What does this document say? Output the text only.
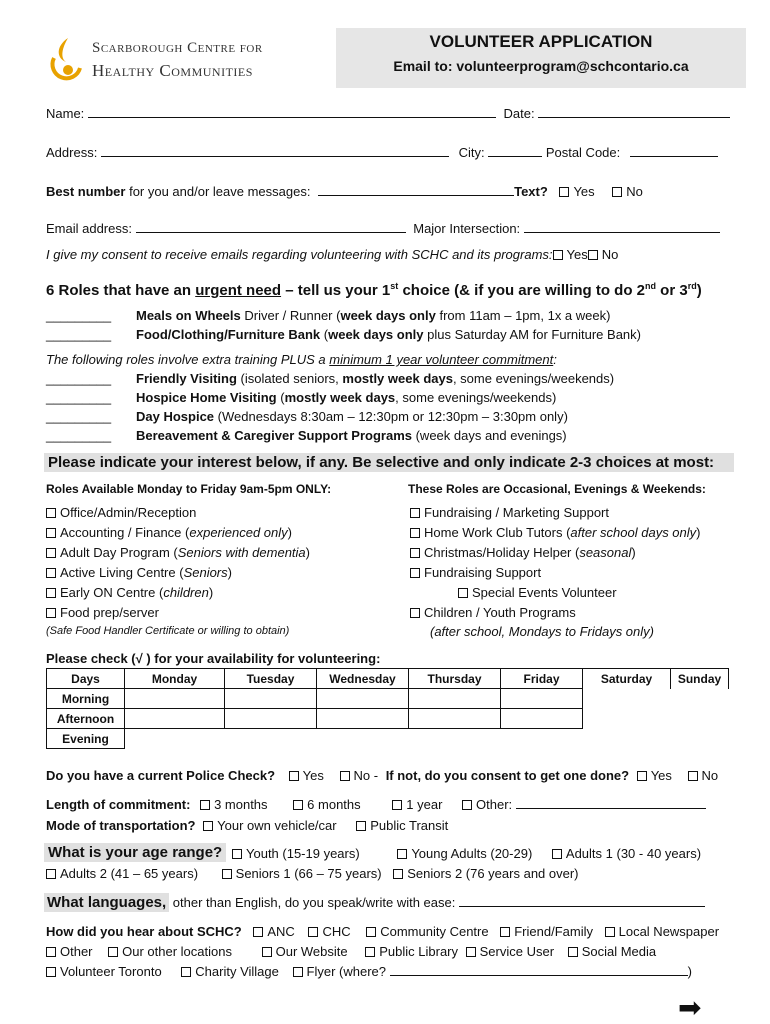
Scarborough Centre for
Healthy Communities
VOLUNTEER APPLICATION
Email to: volunteerprogram@schcontario.ca
Name:	Date:
Address:	City:	Postal Code:
Best number for you and/or leave messages:	Text? Yes No
Email address:	Major Intersection:
I give my consent to receive emails regarding volunteering with SCHC and its programs: Yes No
6 Roles that have an urgent need – tell us your 1st choice (& if you are willing to do 2nd or 3rd)
_________ Meals on Wheels Driver / Runner (week days only from 11am – 1pm, 1x a week)
_________ Food/Clothing/Furniture Bank (week days only plus Saturday AM for Furniture Bank)
The following roles involve extra training PLUS a minimum 1 year volunteer commitment:
_________ Friendly Visiting (isolated seniors, mostly week days, some evenings/weekends)
_________ Hospice Home Visiting (mostly week days, some evenings/weekends)
_________ Day Hospice (Wednesdays 8:30am – 12:30pm or 12:30pm – 3:30pm only)
_________ Bereavement & Caregiver Support Programs (week days and evenings)
Please indicate your interest below, if any. Be selective and only indicate 2-3 choices at most:
Roles Available Monday to Friday 9am-5pm ONLY:	These Roles are Occasional, Evenings & Weekends:
Office/Admin/Reception
Accounting / Finance (experienced only)
Adult Day Program (Seniors with dementia)
Active Living Centre (Seniors)
Early ON Centre (children)
Food prep/server
(Safe Food Handler Certificate or willing to obtain)
Fundraising / Marketing Support
Home Work Club Tutors (after school days only)
Christmas/Holiday Helper (seasonal)
Fundraising Support
Special Events Volunteer
Children / Youth Programs
(after school, Mondays to Fridays only)
Please check (√ ) for your availability for volunteering:
Days	Monday	Tuesday	Wednesday	Thursday	Friday	Saturday	Sunday
Morning							
Afternoon							
Evening							
Do you have a current Police Check? Yes No - If not, do you consent to get one done? Yes No
Length of commitment: 3 months	6 months	1 year	Other:
Mode of transportation? Your own vehicle/car	Public Transit
What is your age range?	Youth (15-19 years)	Young Adults (20-29)	Adults 1 (30 - 40 years)
Adults 2 (41 – 65 years)	Seniors 1 (66 – 75 years) Seniors 2 (76 years and over)
What languages, other than English, do you speak/write with ease:
How did you hear about SCHC? ANC CHC Community Centre Friend/Family Local Newspaper
Other Our other locations	Our Website Public Library Service User Social Media
Volunteer Toronto	Charity Village Flyer (where?	)
➡
